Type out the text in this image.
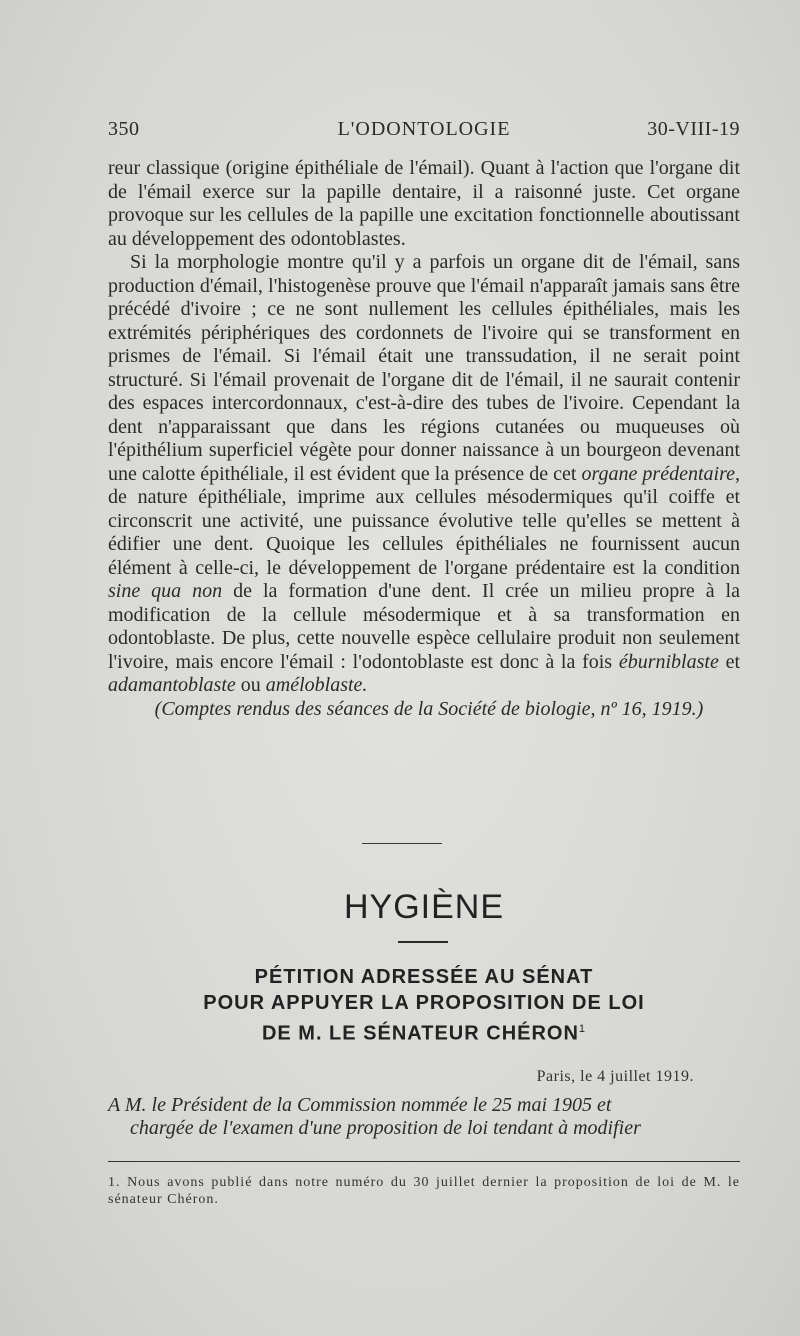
350	L'ODONTOLOGIE	30-VIII-19

reur classique (origine épithéliale de l'émail). Quant à l'action que l'organe dit de l'émail exerce sur la papille dentaire, il a raisonné juste. Cet organe provoque sur les cellules de la papille une excitation fonctionnelle aboutissant au développement des odontoblastes.

Si la morphologie montre qu'il y a parfois un organe dit de l'émail, sans production d'émail, l'histogenèse prouve que l'émail n'apparaît jamais sans être précédé d'ivoire ; ce ne sont nullement les cellules épithéliales, mais les extrémités périphériques des cordonnets de l'ivoire qui se transforment en prismes de l'émail. Si l'émail était une transsudation, il ne serait point structuré. Si l'émail provenait de l'organe dit de l'émail, il ne saurait contenir des espaces intercordonnaux, c'est-à-dire des tubes de l'ivoire. Cependant la dent n'apparaissant que dans les régions cutanées ou muqueuses où l'épithélium superficiel végète pour donner naissance à un bourgeon devenant une calotte épithéliale, il est évident que la présence de cet organe prédentaire, de nature épithéliale, imprime aux cellules mésodermiques qu'il coiffe et circonscrit une activité, une puissance évolutive telle qu'elles se mettent à édifier une dent. Quoique les cellules épithéliales ne fournissent aucun élément à celle-ci, le développement de l'organe prédentaire est la condition sine qua non de la formation d'une dent. Il crée un milieu propre à la modification de la cellule mésodermique et à sa transformation en odontoblaste. De plus, cette nouvelle espèce cellulaire produit non seulement l'ivoire, mais encore l'émail : l'odontoblaste est donc à la fois éburniblaste et adamantoblaste ou améloblaste.

(Comptes rendus des séances de la Société de biologie, nº 16, 1919.)

HYGIÈNE
PÉTITION ADRESSÉE AU SÉNAT
POUR APPUYER LA PROPOSITION DE LOI
DE M. LE SÉNATEUR CHÉRON$^1$
Paris, le 4 juillet 1919.
A M. le Président de la Commission nommée le 25 mai 1905 et
chargée de l'examen d'une proposition de loi tendant à modifier
1. Nous avons publié dans notre numéro du 30 juillet dernier la proposition de loi de M. le sénateur Chéron.
